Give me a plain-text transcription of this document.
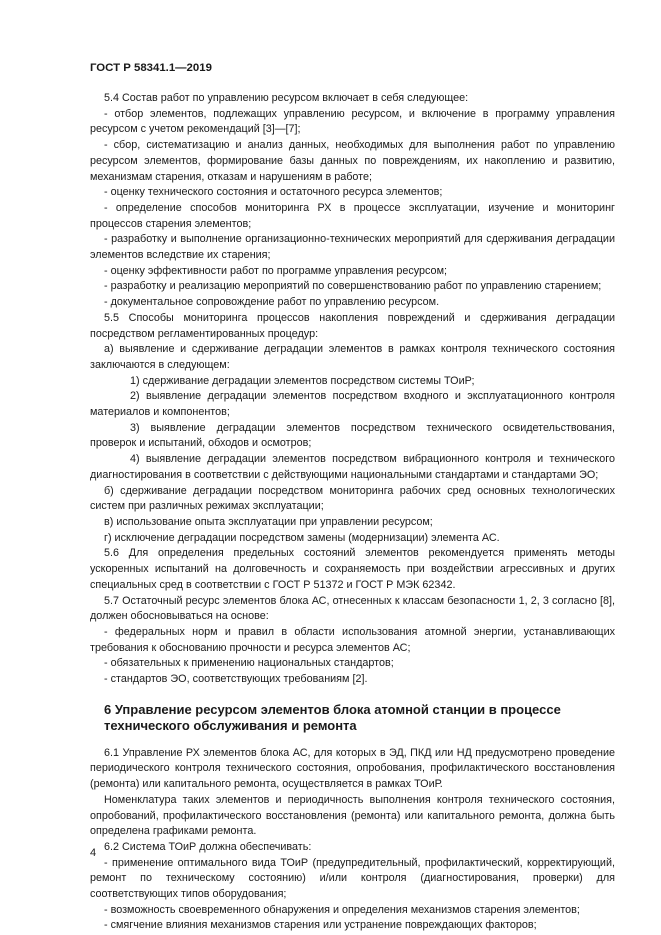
ГОСТ Р 58341.1—2019

5.4 Состав работ по управлению ресурсом включает в себя следующее:

- отбор элементов, подлежащих управлению ресурсом, и включение в программу управления ресурсом с учетом рекомендаций [3]—[7];

- сбор, систематизацию и анализ данных, необходимых для выполнения работ по управлению ресурсом элементов, формирование базы данных по повреждениям, их накоплению и развитию, механизмам старения, отказам и нарушениям в работе;

- оценку технического состояния и остаточного ресурса элементов;

- определение способов мониторинга РХ в процессе эксплуатации, изучение и мониторинг процессов старения элементов;

- разработку и выполнение организационно-технических мероприятий для сдерживания деградации элементов вследствие их старения;

- оценку эффективности работ по программе управления ресурсом;

- разработку и реализацию мероприятий по совершенствованию работ по управлению старением;

- документальное сопровождение работ по управлению ресурсом.

5.5 Способы мониторинга процессов накопления повреждений и сдерживания деградации посредством регламентированных процедур:

а) выявление и сдерживание деградации элементов в рамках контроля технического состояния заключаются в следующем:

1) сдерживание деградации элементов посредством системы ТОиР;

2) выявление деградации элементов посредством входного и эксплуатационного контроля материалов и компонентов;

3) выявление деградации элементов посредством технического освидетельствования, проверок и испытаний, обходов и осмотров;

4) выявление деградации элементов посредством вибрационного контроля и технического диагностирования в соответствии с действующими национальными стандартами и стандартами ЭО;

б) сдерживание деградации посредством мониторинга рабочих сред основных технологических систем при различных режимах эксплуатации;

в) использование опыта эксплуатации при управлении ресурсом;

г) исключение деградации посредством замены (модернизации) элемента АС.

5.6 Для определения предельных состояний элементов рекомендуется применять методы ускоренных испытаний на долговечность и сохраняемость при воздействии агрессивных и других специальных сред в соответствии с ГОСТ Р 51372 и ГОСТ Р МЭК 62342.

5.7 Остаточный ресурс элементов блока АС, отнесенных к классам безопасности 1, 2, 3 согласно [8], должен обосновываться на основе:

- федеральных норм и правил в области использования атомной энергии, устанавливающих требования к обоснованию прочности и ресурса элементов АС;

- обязательных к применению национальных стандартов;

- стандартов ЭО, соответствующих требованиям [2].

6 Управление ресурсом элементов блока атомной станции в процессе технического обслуживания и ремонта

6.1 Управление РХ элементов блока АС, для которых в ЭД, ПКД или НД предусмотрено проведение периодического контроля технического состояния, опробования, профилактического восстановления (ремонта) или капитального ремонта, осуществляется в рамках ТОиР.

Номенклатура таких элементов и периодичность выполнения контроля технического состояния, опробований, профилактического восстановления (ремонта) или капитального ремонта, должна быть определена графиками ремонта.

6.2 Система ТОиР должна обеспечивать:

- применение оптимального вида ТОиР (предупредительный, профилактический, корректирующий, ремонт по техническому состоянию) и/или контроля (диагностирования, проверки) для соответствующих типов оборудования;

- возможность своевременного обнаружения и определения механизмов старения элементов;

- смягчение влияния механизмов старения или устранение повреждающих факторов;

4
